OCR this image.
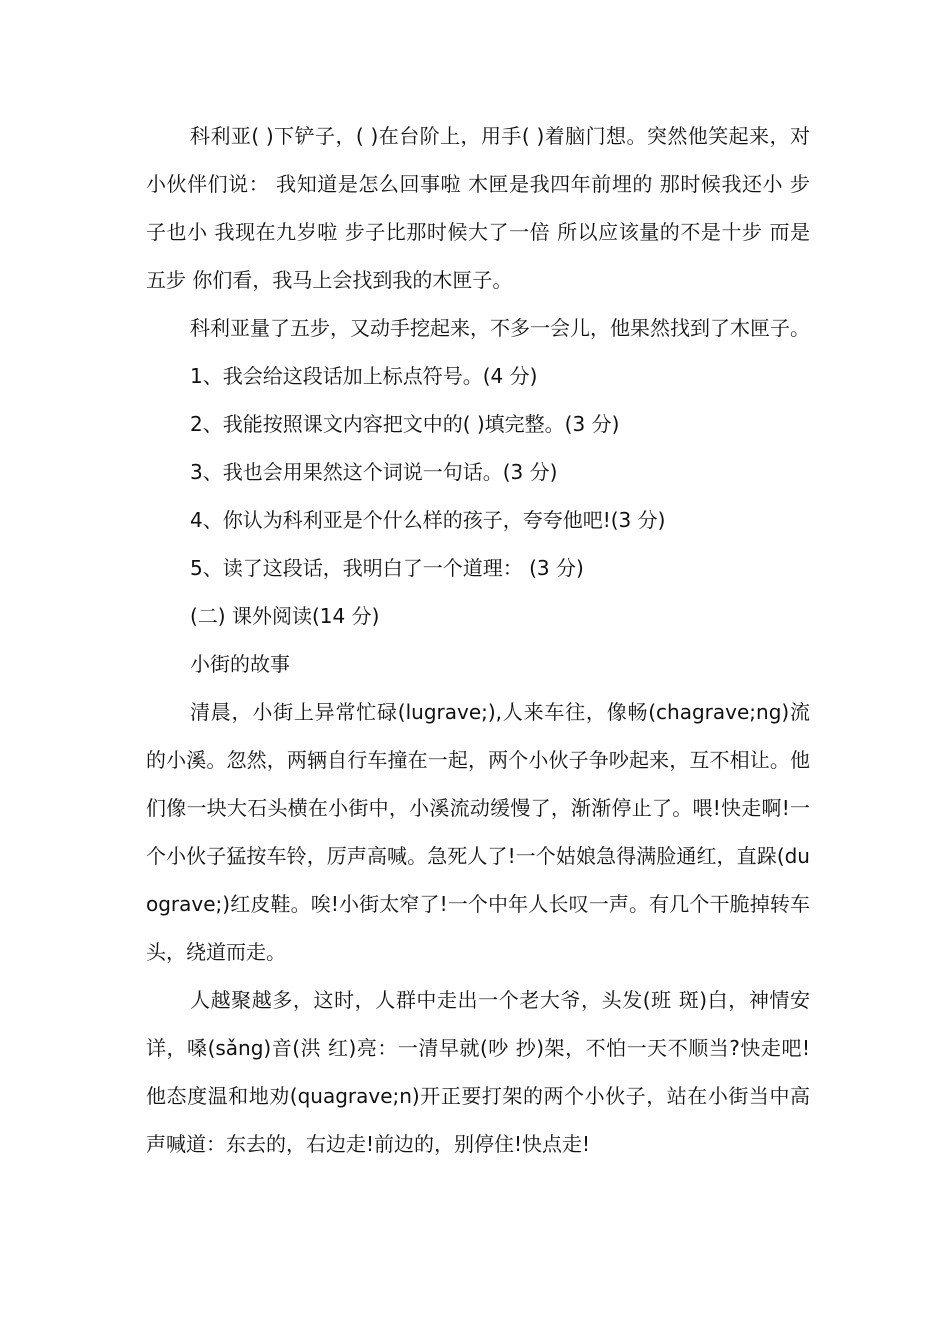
科利亚( )下铲子，( )在台阶上，用手( )着脑门想。突然他笑起来，对小伙伴们说： 我知道是怎么回事啦 木匣是我四年前埋的 那时候我还小 步子也小 我现在九岁啦 步子比那时候大了一倍 所以应该量的不是十步 而是五步 你们看，我马上会找到我的木匣子。

科利亚量了五步，又动手挖起来，不多一会儿，他果然找到了木匣子。

1、我会给这段话加上标点符号。(4 分)

2、我能按照课文内容把文中的( )填完整。(3 分)

3、我也会用果然这个词说一句话。(3 分)

4、你认为科利亚是个什么样的孩子，夸夸他吧!(3 分)

5、读了这段话，我明白了一个道理： (3 分)

(二) 课外阅读(14 分)

小街的故事

清晨，小街上异常忙碌(lugrave;),人来车往，像畅(chagrave;ng)流的小溪。忽然，两辆自行车撞在一起，两个小伙子争吵起来，互不相让。他们像一块大石头横在小街中，小溪流动缓慢了，渐渐停止了。喂!快走啊!一个小伙子猛按车铃，厉声高喊。急死人了!一个姑娘急得满脸通红，直跺(duograve;)红皮鞋。唉!小街太窄了!一个中年人长叹一声。有几个干脆掉转车头，绕道而走。

人越聚越多，这时，人群中走出一个老大爷，头发(班 斑)白，神情安详，嗓(sǎng)音(洪 红)亮：一清早就(吵 抄)架，不怕一天不顺当?快走吧!他态度温和地劝(quagrave;n)开正要打架的两个小伙子，站在小街当中高声喊道：东去的，右边走!前边的，别停住!快点走!
